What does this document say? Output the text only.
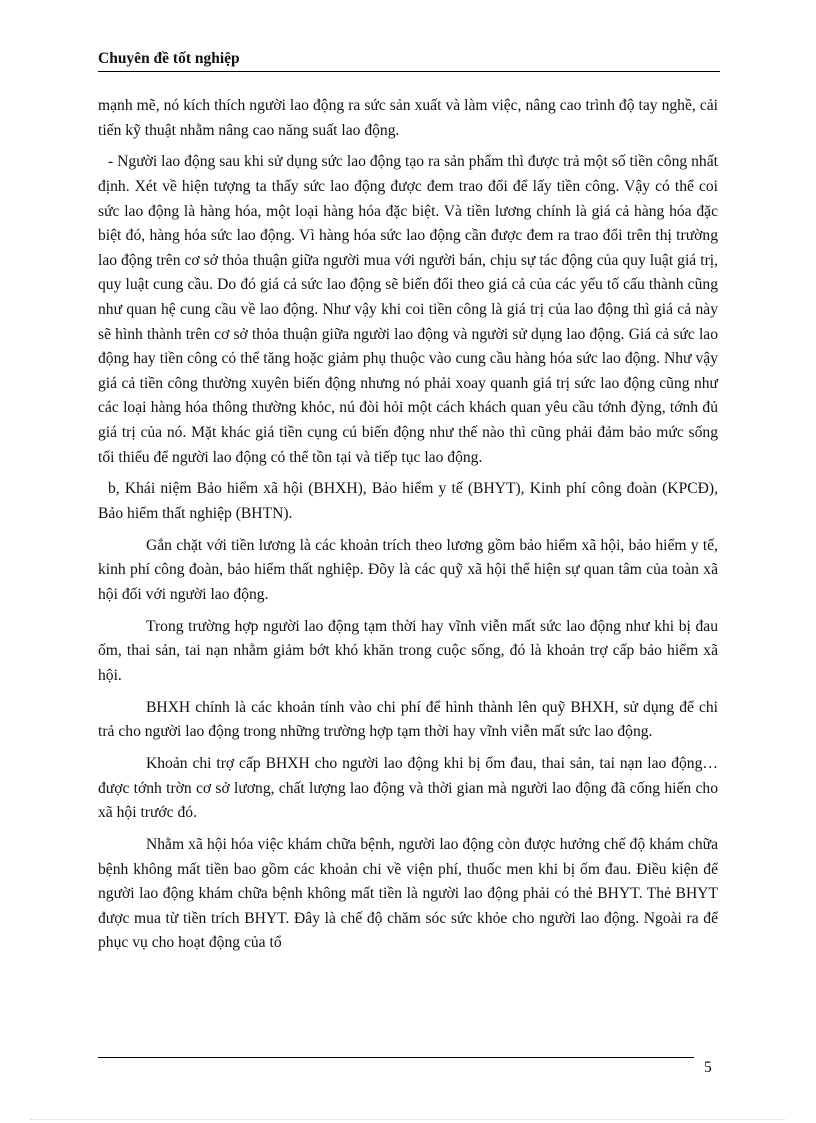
Chuyên đề tốt nghiệp

mạnh mẽ, nó kích thích người lao động ra sức sản xuất và làm việc, nâng cao trình độ tay nghề, cải tiến kỹ thuật nhằm nâng cao năng suất lao động.

- Người lao động sau khi sử dụng sức lao động tạo ra sản phẩm thì được trả một số tiền công nhất định. Xét về hiện tượng ta thấy sức lao động được đem trao đổi để lấy tiền công. Vậy có thể coi sức lao động là hàng hóa, một loại hàng hóa đặc biệt. Và tiền lương chính là giá cả hàng hóa đặc biệt đó, hàng hóa sức lao động. Vì hàng hóa sức lao động cần được đem ra trao đổi trên thị trường lao động trên cơ sở thỏa thuận giữa người mua với người bán, chịu sự tác động của quy luật giá trị, quy luật cung cầu. Do đó giá cả sức lao động sẽ biến đổi theo giá cả của các yếu tố cấu thành cũng như quan hệ cung cầu về lao động. Như vậy khi coi tiền công là giá trị của lao động thì giá cả này sẽ hình thành trên cơ sở thỏa thuận giữa người lao động và người sử dụng lao động. Giá cả sức lao động hay tiền công có thể tăng hoặc giảm phụ thuộc vào cung cầu hàng hóa sức lao động. Như vậy giá cả tiền công thường xuyên biến động nhưng nó phải xoay quanh giá trị sức lao động cũng như các loại hàng hóa thông thường khỏc, nú đòi hỏi một cách khách quan yêu cầu tớnh đỳng, tớnh đủ giá trị của nó. Mặt khác giá tiền cụng cú biến động như thế nào thì cũng phải đảm bảo mức sống tối thiểu để người lao động có thể tồn tại và tiếp tục lao động.

b, Khái niệm Bảo hiểm xã hội (BHXH), Bảo hiểm y tế (BHYT), Kinh phí công đoàn (KPCĐ), Bảo hiểm thất nghiệp (BHTN).

Gắn chặt với tiền lương là các khoản trích theo lương gồm bảo hiểm xã hội, bảo hiểm y tế, kinh phí công đoàn, bảo hiểm thất nghiệp. Đõy là các quỹ xã hội thể hiện sự quan tâm của toàn xã hội đối với người lao động.

Trong trường hợp người lao động tạm thời hay vĩnh viễn mất sức lao động như khi bị đau ốm, thai sản, tai nạn nhằm giảm bớt khó khăn trong cuộc sống, đó là khoản trợ cấp bảo hiểm xã hội.

BHXH chính là các khoản tính vào chi phí để hình thành lên quỹ BHXH, sử dụng để chi trả cho người lao động trong những trường hợp tạm thời hay vĩnh viễn mất sức lao động.

Khoản chi trợ cấp BHXH cho người lao động khi bị ốm đau, thai sản, tai nạn lao động…được tớnh trờn cơ sở lương, chất lượng lao động và thời gian mà người lao động đã cống hiến cho xã hội trước đó.

Nhằm xã hội hóa việc khám chữa bệnh, người lao động còn được hưởng chế độ khám chữa bệnh không mất tiền bao gồm các khoản chi về viện phí, thuốc men khi bị ốm đau. Điều kiện để người lao động khám chữa bệnh không mất tiền là người lao động phải có thẻ BHYT. Thẻ BHYT được mua từ tiền trích BHYT. Đây là chế độ chăm sóc sức khỏe cho người lao động. Ngoài ra để phục vụ cho hoạt động của tổ

5
